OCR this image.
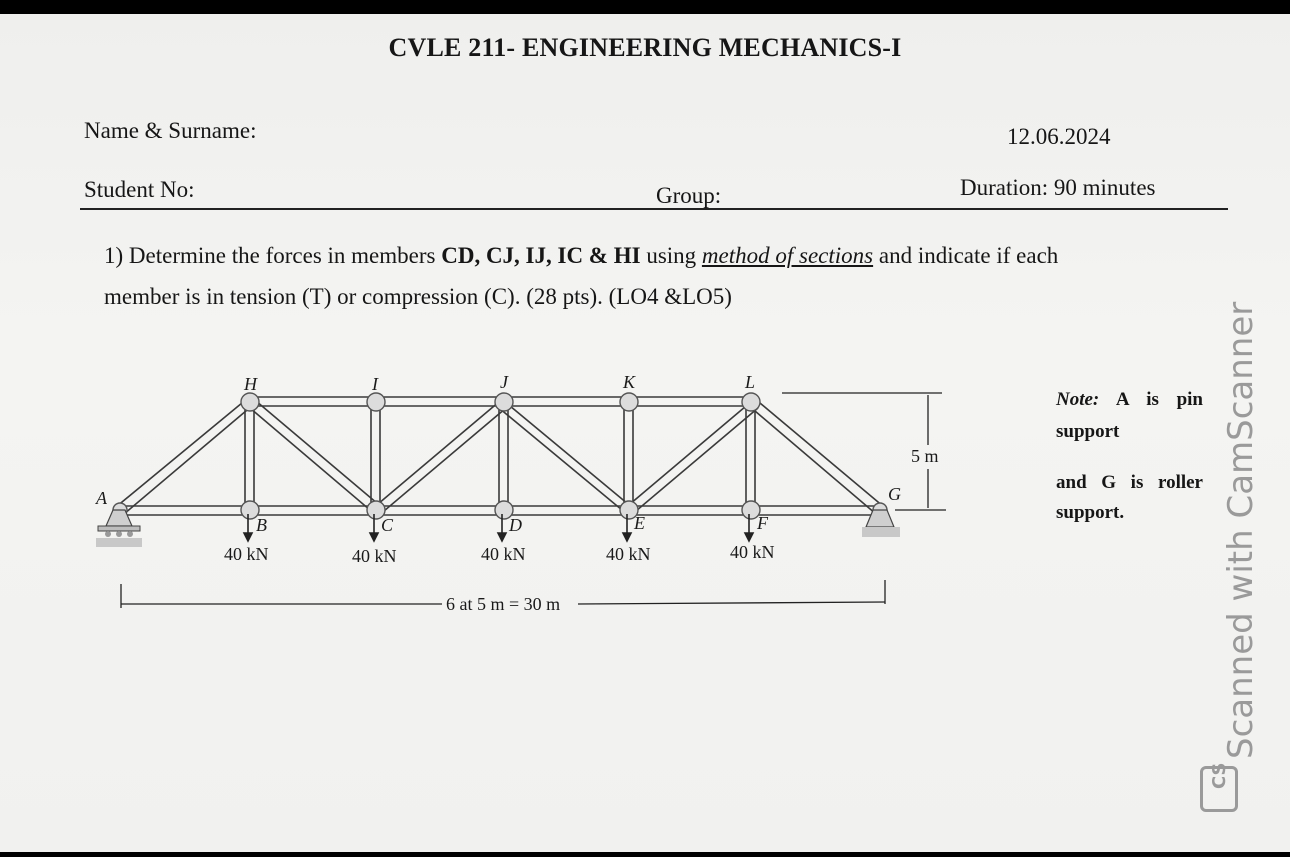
CVLE 211- ENGINEERING MECHANICS-I
Name & Surname:	12.06.2024
Student No:	Group:	Duration: 90 minutes
1) Determine the forces in members CD, CJ, IJ, IC & HI using method of sections and indicate if each
member is in tension (T) or compression (C). (28 pts). (LO4 &LO5)
H	I	J	K	L
B	C	D	E	F
A	G
40 kN	40 kN	40 kN	40 kN	40 kN
5 m
6 at 5 m = 30 m
Note: A is pin
support
and G is roller
support.	Scanned with CamScanner
CS
